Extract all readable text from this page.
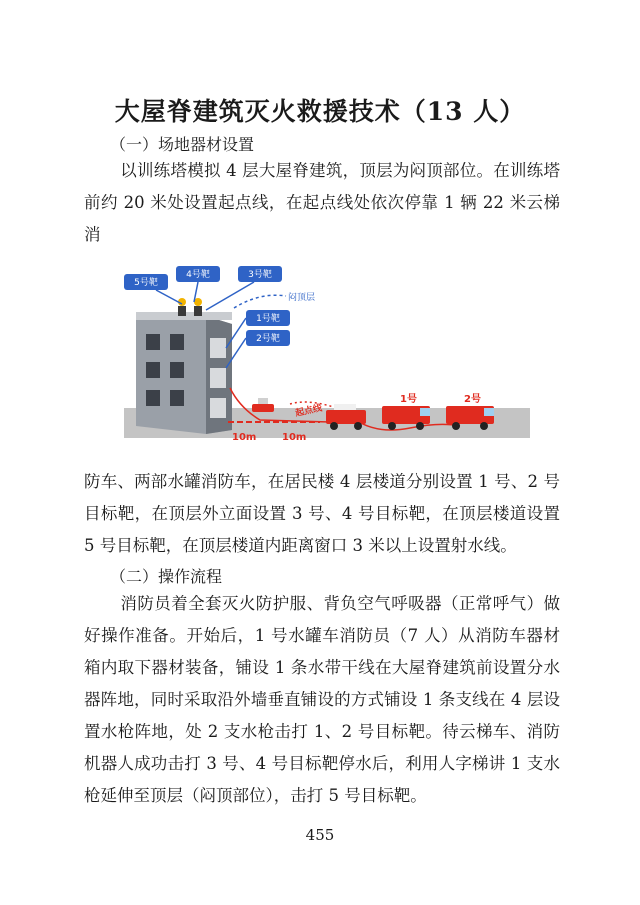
大屋脊建筑灭火救援技术（13 人）
（一）场地器材设置
以训练塔模拟 4 层大屋脊建筑，顶层为闷顶部位。在训练塔前约 20 米处设置起点线，在起点线处依次停靠 1 辆 22 米云梯消
5号靶
4号靶	3号靶
1号靶
2号靶
闷顶层
10m	10m
起点线
1号	2号
防车、两部水罐消防车，在居民楼 4 层楼道分别设置 1 号、2 号目标靶，在顶层外立面设置 3 号、4 号目标靶，在顶层楼道设置 5 号目标靶，在顶层楼道内距离窗口 3 米以上设置射水线。
（二）操作流程
消防员着全套灭火防护服、背负空气呼吸器（正常呼气）做好操作准备。开始后，1 号水罐车消防员（7 人）从消防车器材箱内取下器材装备，铺设 1 条水带干线在大屋脊建筑前设置分水器阵地，同时采取沿外墙垂直铺设的方式铺设 1 条支线在 4 层设置水枪阵地，处 2 支水枪击打 1、2 号目标靶。待云梯车、消防机器人成功击打 3 号、4 号目标靶停水后，利用人字梯讲 1 支水枪延伸至顶层（闷顶部位），击打 5 号目标靶。
455
